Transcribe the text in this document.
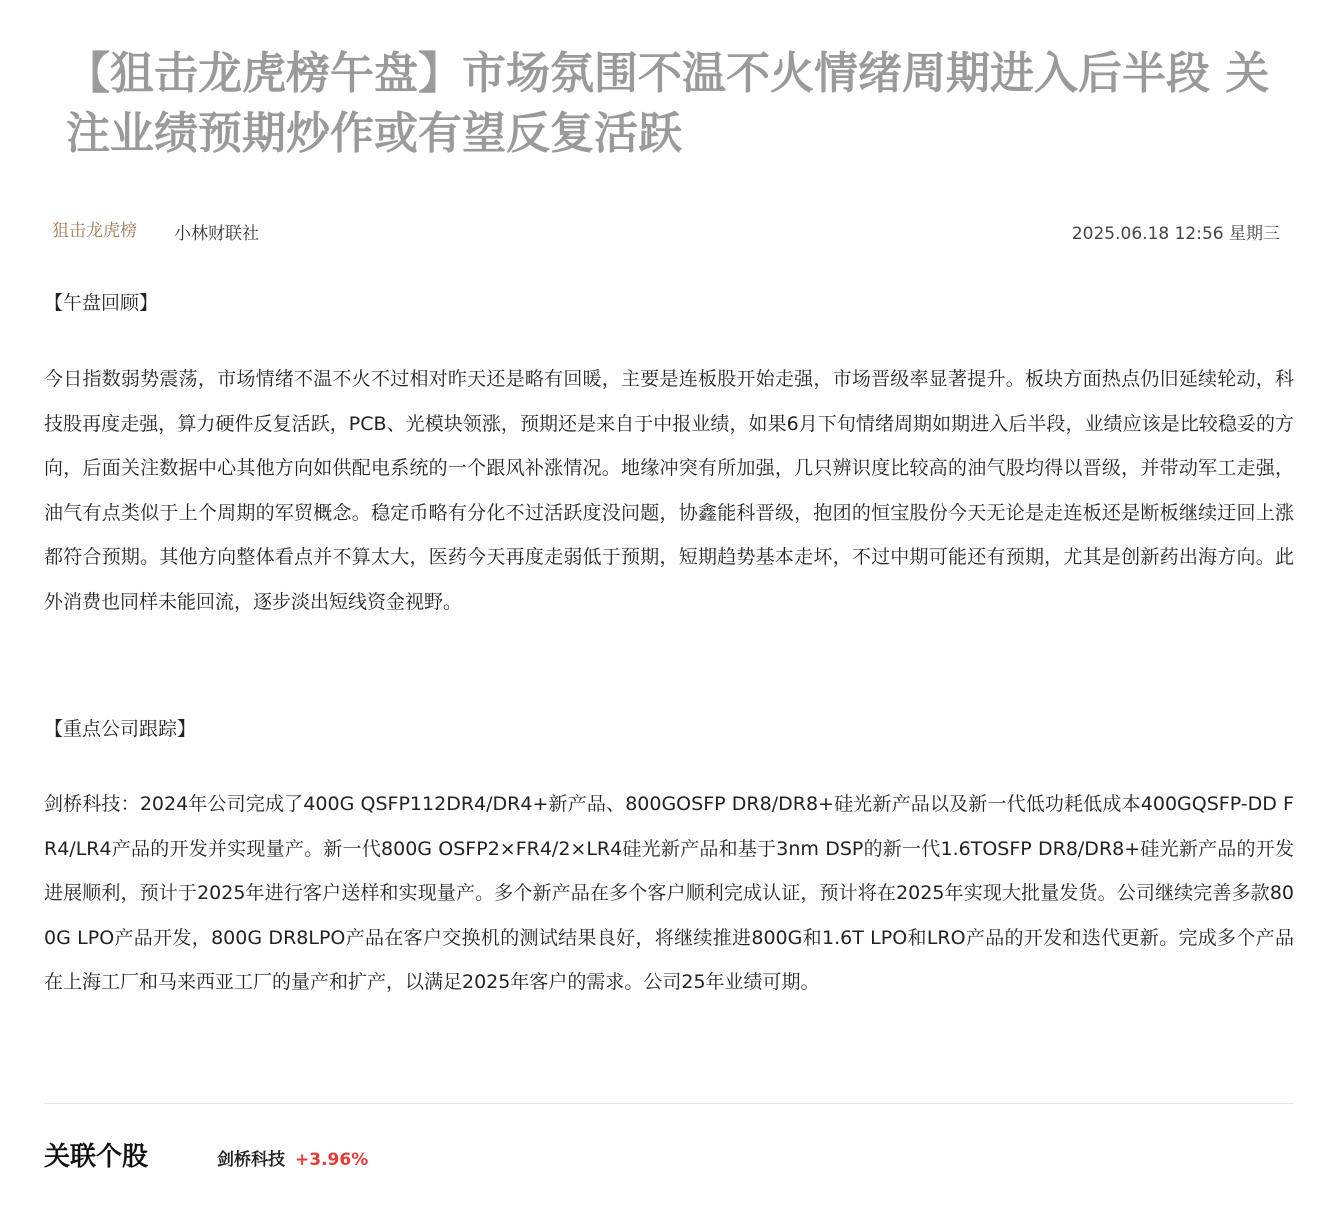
【狙击龙虎榜午盘】市场氛围不温不火情绪周期进入后半段 关注业绩预期炒作或有望反复活跃
狙击龙虎榜 小林财联社	2025.06.18 12:56 星期三
【午盘回顾】

今日指数弱势震荡，市场情绪不温不火不过相对昨天还是略有回暖，主要是连板股开始走强，市场晋级率显著提升。板块方面热点仍旧延续轮动，科技股再度走强，算力硬件反复活跃，PCB、光模块领涨，预期还是来自于中报业绩，如果6月下旬情绪周期如期进入后半段，业绩应该是比较稳妥的方向，后面关注数据中心其他方向如供配电系统的一个跟风补涨情况。地缘冲突有所加强，几只辨识度比较高的油气股均得以晋级，并带动军工走强，油气有点类似于上个周期的军贸概念。稳定币略有分化不过活跃度没问题，协鑫能科晋级，抱团的恒宝股份今天无论是走连板还是断板继续迂回上涨都符合预期。其他方向整体看点并不算太大，医药今天再度走弱低于预期，短期趋势基本走坏，不过中期可能还有预期，尤其是创新药出海方向。此外消费也同样未能回流，逐步淡出短线资金视野。

【重点公司跟踪】

剑桥科技：2024年公司完成了400G QSFP112DR4/DR4+新产品、800GOSFP DR8/DR8+硅光新产品以及新一代低功耗低成本400GQSFP-DD FR4/LR4产品的开发并实现量产。新一代800G OSFP2×FR4/2×LR4硅光新产品和基于3nm DSP的新一代1.6TOSFP DR8/DR8+硅光新产品的开发进展顺利，预计于2025年进行客户送样和实现量产。多个新产品在多个客户顺利完成认证，预计将在2025年实现大批量发货。公司继续完善多款800G LPO产品开发，800G DR8LPO产品在客户交换机的测试结果良好，将继续推进800G和1.6T LPO和LRO产品的开发和迭代更新。完成多个产品在上海工厂和马来西亚工厂的量产和扩产，以满足2025年客户的需求。公司25年业绩可期。

关联个股	剑桥科技 +3.96%
